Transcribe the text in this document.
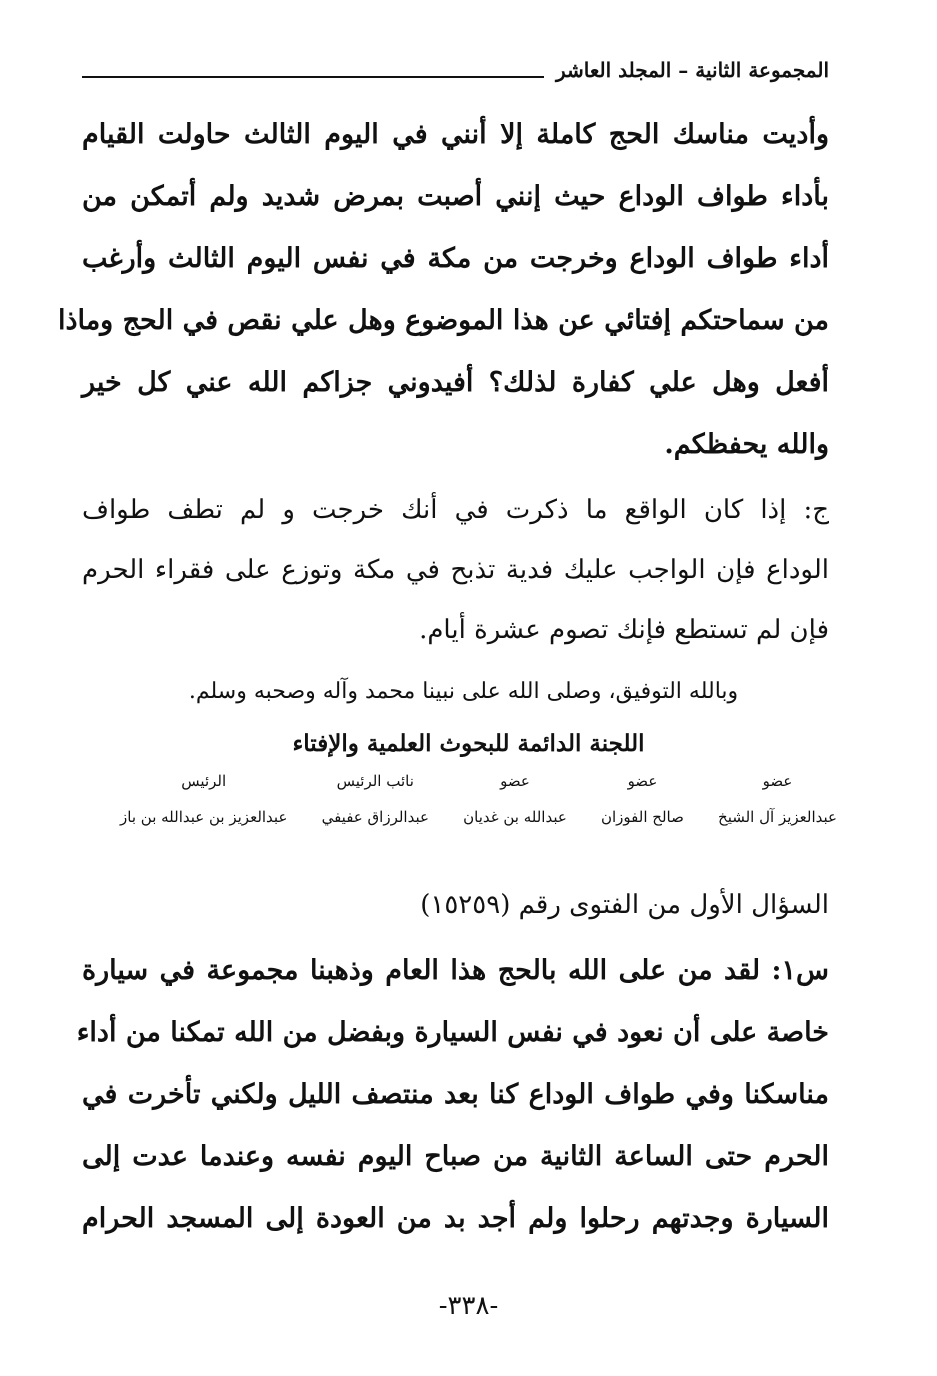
المجموعة الثانية – المجلد العاشر
وأديت مناسك الحج كاملة إلا أنني في اليوم الثالث حاولت القيام
بأداء طواف الوداع حيث إنني أصبت بمرض شديد ولم أتمكن من
أداء طواف الوداع وخرجت من مكة في نفس اليوم الثالث وأرغب
من سماحتكم إفتائي عن هذا الموضوع وهل علي نقص في الحج وماذا
أفعل وهل علي كفارة لذلك؟ أفيدوني جزاكم الله عني كل خير
والله يحفظكم.
ج: إذا كان الواقع ما ذكرت في أنك خرجت و لم تطف طواف
الوداع فإن الواجب عليك فدية تذبح في مكة وتوزع على فقراء الحرم
فإن لم تستطع فإنك تصوم عشرة أيام.
وبالله التوفيق، وصلى الله على نبينا محمد وآله وصحبه وسلم.
اللجنة الدائمة للبحوث العلمية والإفتاء
عضو
عبدالعزيز آل الشيخ
عضو
صالح الفوزان
عضو
عبدالله بن غديان
نائب الرئيس
عبدالرزاق عفيفي
الرئيس
عبدالعزيز بن عبدالله بن باز
السؤال الأول من الفتوى رقم (١٥٢٥٩)
س١: لقد من على الله بالحج هذا العام وذهبنا مجموعة في سيارة
خاصة على أن نعود في نفس السيارة وبفضل من الله تمكنا من أداء
مناسكنا وفي طواف الوداع كنا بعد منتصف الليل ولكني تأخرت في
الحرم حتى الساعة الثانية من صباح اليوم نفسه وعندما عدت إلى
السيارة وجدتهم رحلوا ولم أجد بد من العودة إلى المسجد الحرام
-٣٣٨-
